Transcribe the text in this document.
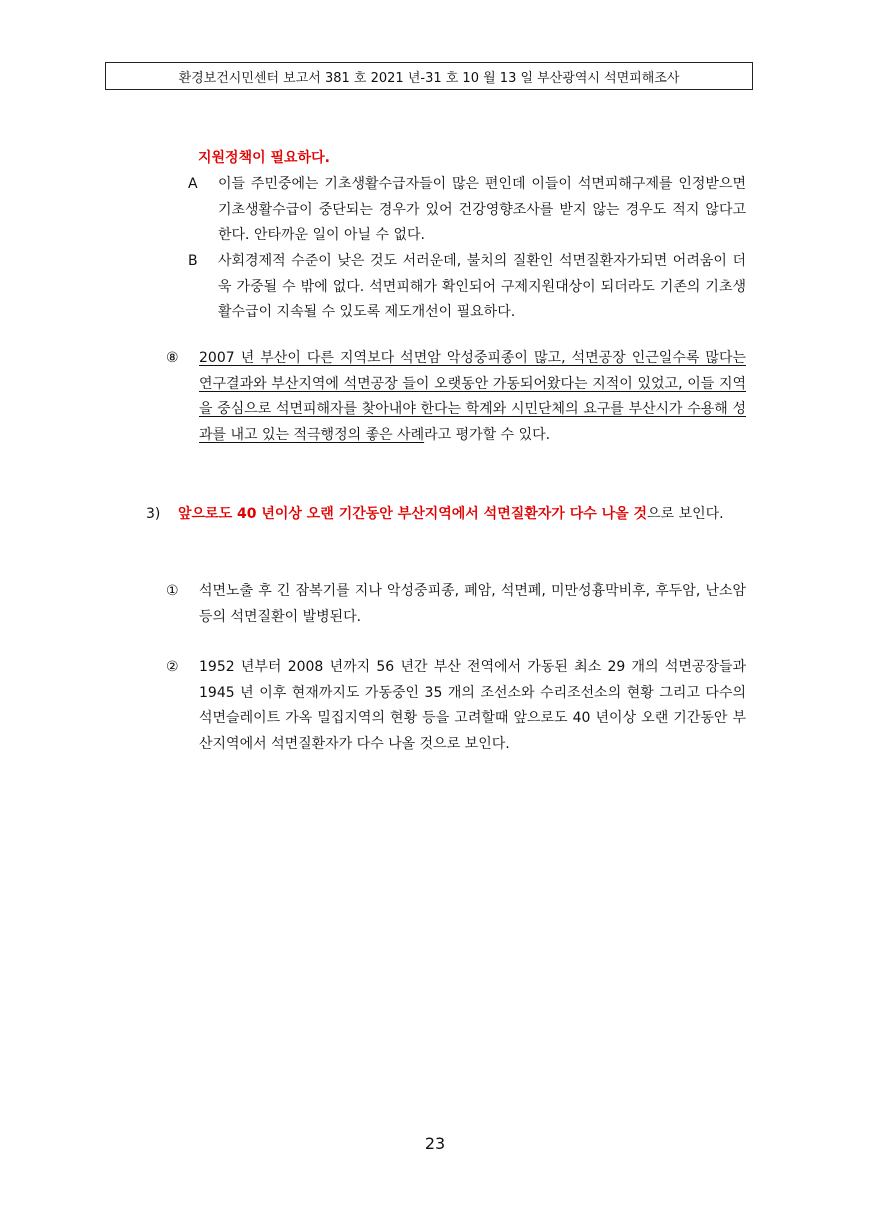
환경보건시민센터 보고서 381 호 2021 년-31 호 10 월 13 일 부산광역시 석면피해조사
지원정책이 필요하다.
A 이들 주민중에는 기초생활수급자들이 많은 편인데 이들이 석면피해구제를 인정받으면 기초생활수급이 중단되는 경우가 있어 건강영향조사를 받지 않는 경우도 적지 않다고 한다. 안타까운 일이 아닐 수 없다.
B 사회경제적 수준이 낮은 것도 서러운데, 불치의 질환인 석면질환자가되면 어려움이 더욱 가중될 수 밖에 없다. 석면피해가 확인되어 구제지원대상이 되더라도 기존의 기초생활수급이 지속될 수 있도록 제도개선이 필요하다.
⑧ 2007 년 부산이 다른 지역보다 석면암 악성중피종이 많고, 석면공장 인근일수록 많다는 연구결과와 부산지역에 석면공장 들이 오랫동안 가동되어왔다는 지적이 있었고, 이들 지역을 중심으로 석면피해자를 찾아내야 한다는 학계와 시민단체의 요구를 부산시가 수용해 성과를 내고 있는 적극행정의 좋은 사례라고 평가할 수 있다.
3) 앞으로도 40 년이상 오랜 기간동안 부산지역에서 석면질환자가 다수 나올 것으로 보인다.
① 석면노출 후 긴 잠복기를 지나 악성중피종, 폐암, 석면폐, 미만성흉막비후, 후두암, 난소암 등의 석면질환이 발병된다.
② 1952 년부터 2008 년까지 56 년간 부산 전역에서 가동된 최소 29 개의 석면공장들과 1945 년 이후 현재까지도 가동중인 35 개의 조선소와 수리조선소의 현황 그리고 다수의 석면슬레이트 가옥 밀집지역의 현황 등을 고려할때 앞으로도 40 년이상 오랜 기간동안 부산지역에서 석면질환자가 다수 나올 것으로 보인다.
23
